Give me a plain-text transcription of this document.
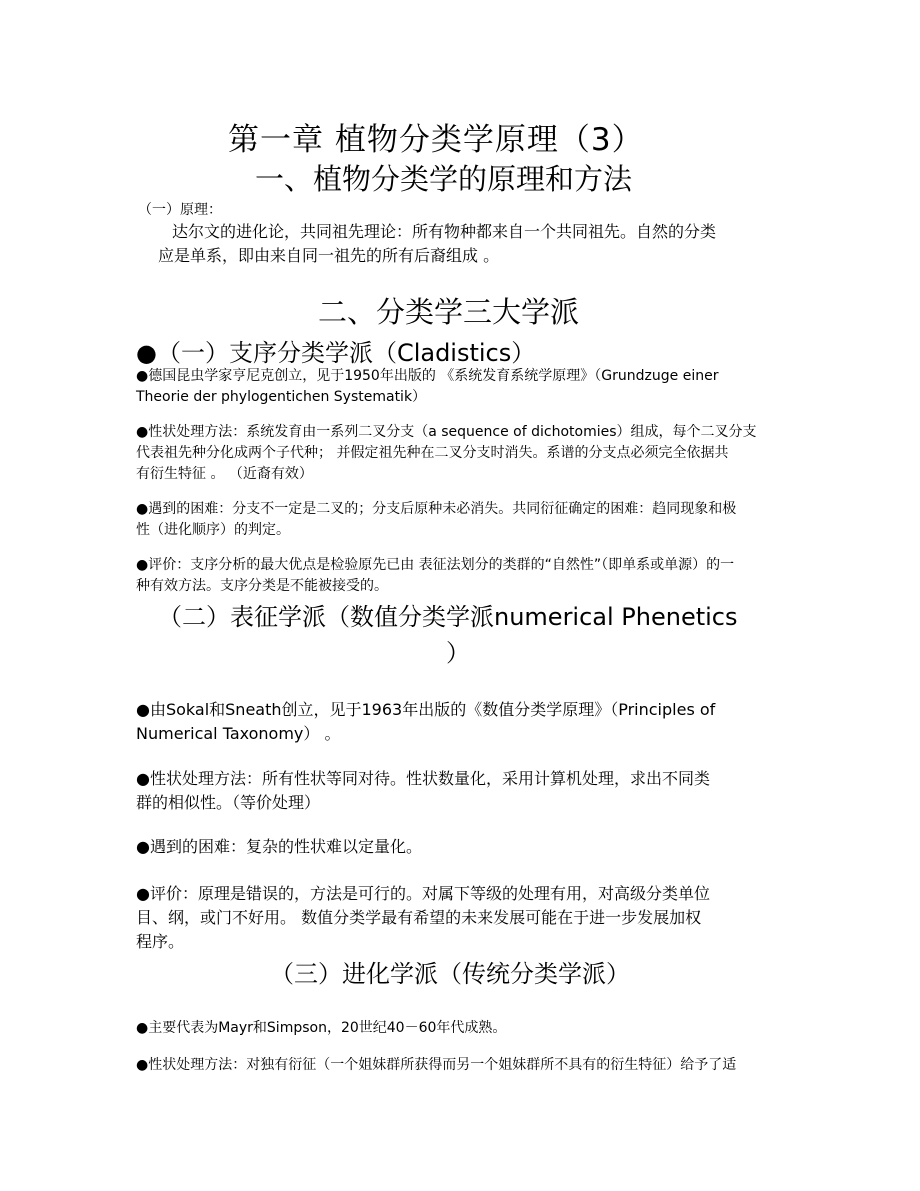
第一章 植物分类学原理（3）
一、植物分类学的原理和方法
（一）原理：
达尔文的进化论，共同祖先理论：所有物种都来自一个共同祖先。自然的分类
应是单系，即由来自同一祖先的所有后裔组成 。
二、分类学三大学派
●（一）支序分类学派（Cladistics）
●德国昆虫学家亨尼克创立，见于1950年出版的 《系统发育系统学原理》（Grundzuge einer
Theorie der phylogentichen Systematik）
●性状处理方法：系统发育由一系列二叉分支（a sequence of dichotomies）组成，每个二叉分支
代表祖先种分化成两个子代种； 并假定祖先种在二叉分支时消失。系谱的分支点必须完全依据共
有衍生特征 。 （近裔有效）
●遇到的困难：分支不一定是二叉的；分支后原种未必消失。共同衍征确定的困难：趋同现象和极
性（进化顺序）的判定。
●评价：支序分析的最大优点是检验原先已由 表征法划分的类群的“自然性”（即单系或单源）的一
种有效方法。支序分类是不能被接受的。
（二）表征学派（数值分类学派numerical Phenetics
）
●由Sokal和Sneath创立，见于1963年出版的《数值分类学原理》（Principles of
Numerical Taxonomy） 。
●性状处理方法：所有性状等同对待。性状数量化，采用计算机处理，求出不同类
群的相似性。（等价处理）
●遇到的困难：复杂的性状难以定量化。
●评价：原理是错误的，方法是可行的。对属下等级的处理有用，对高级分类单位
目、纲，或门不好用。 数值分类学最有希望的未来发展可能在于进一步发展加权
程序。
（三）进化学派（传统分类学派）
●主要代表为Mayr和Simpson，20世纪40－60年代成熟。
●性状处理方法：对独有衍征（一个姐妹群所获得而另一个姐妹群所不具有的衍生特征）给予了适
